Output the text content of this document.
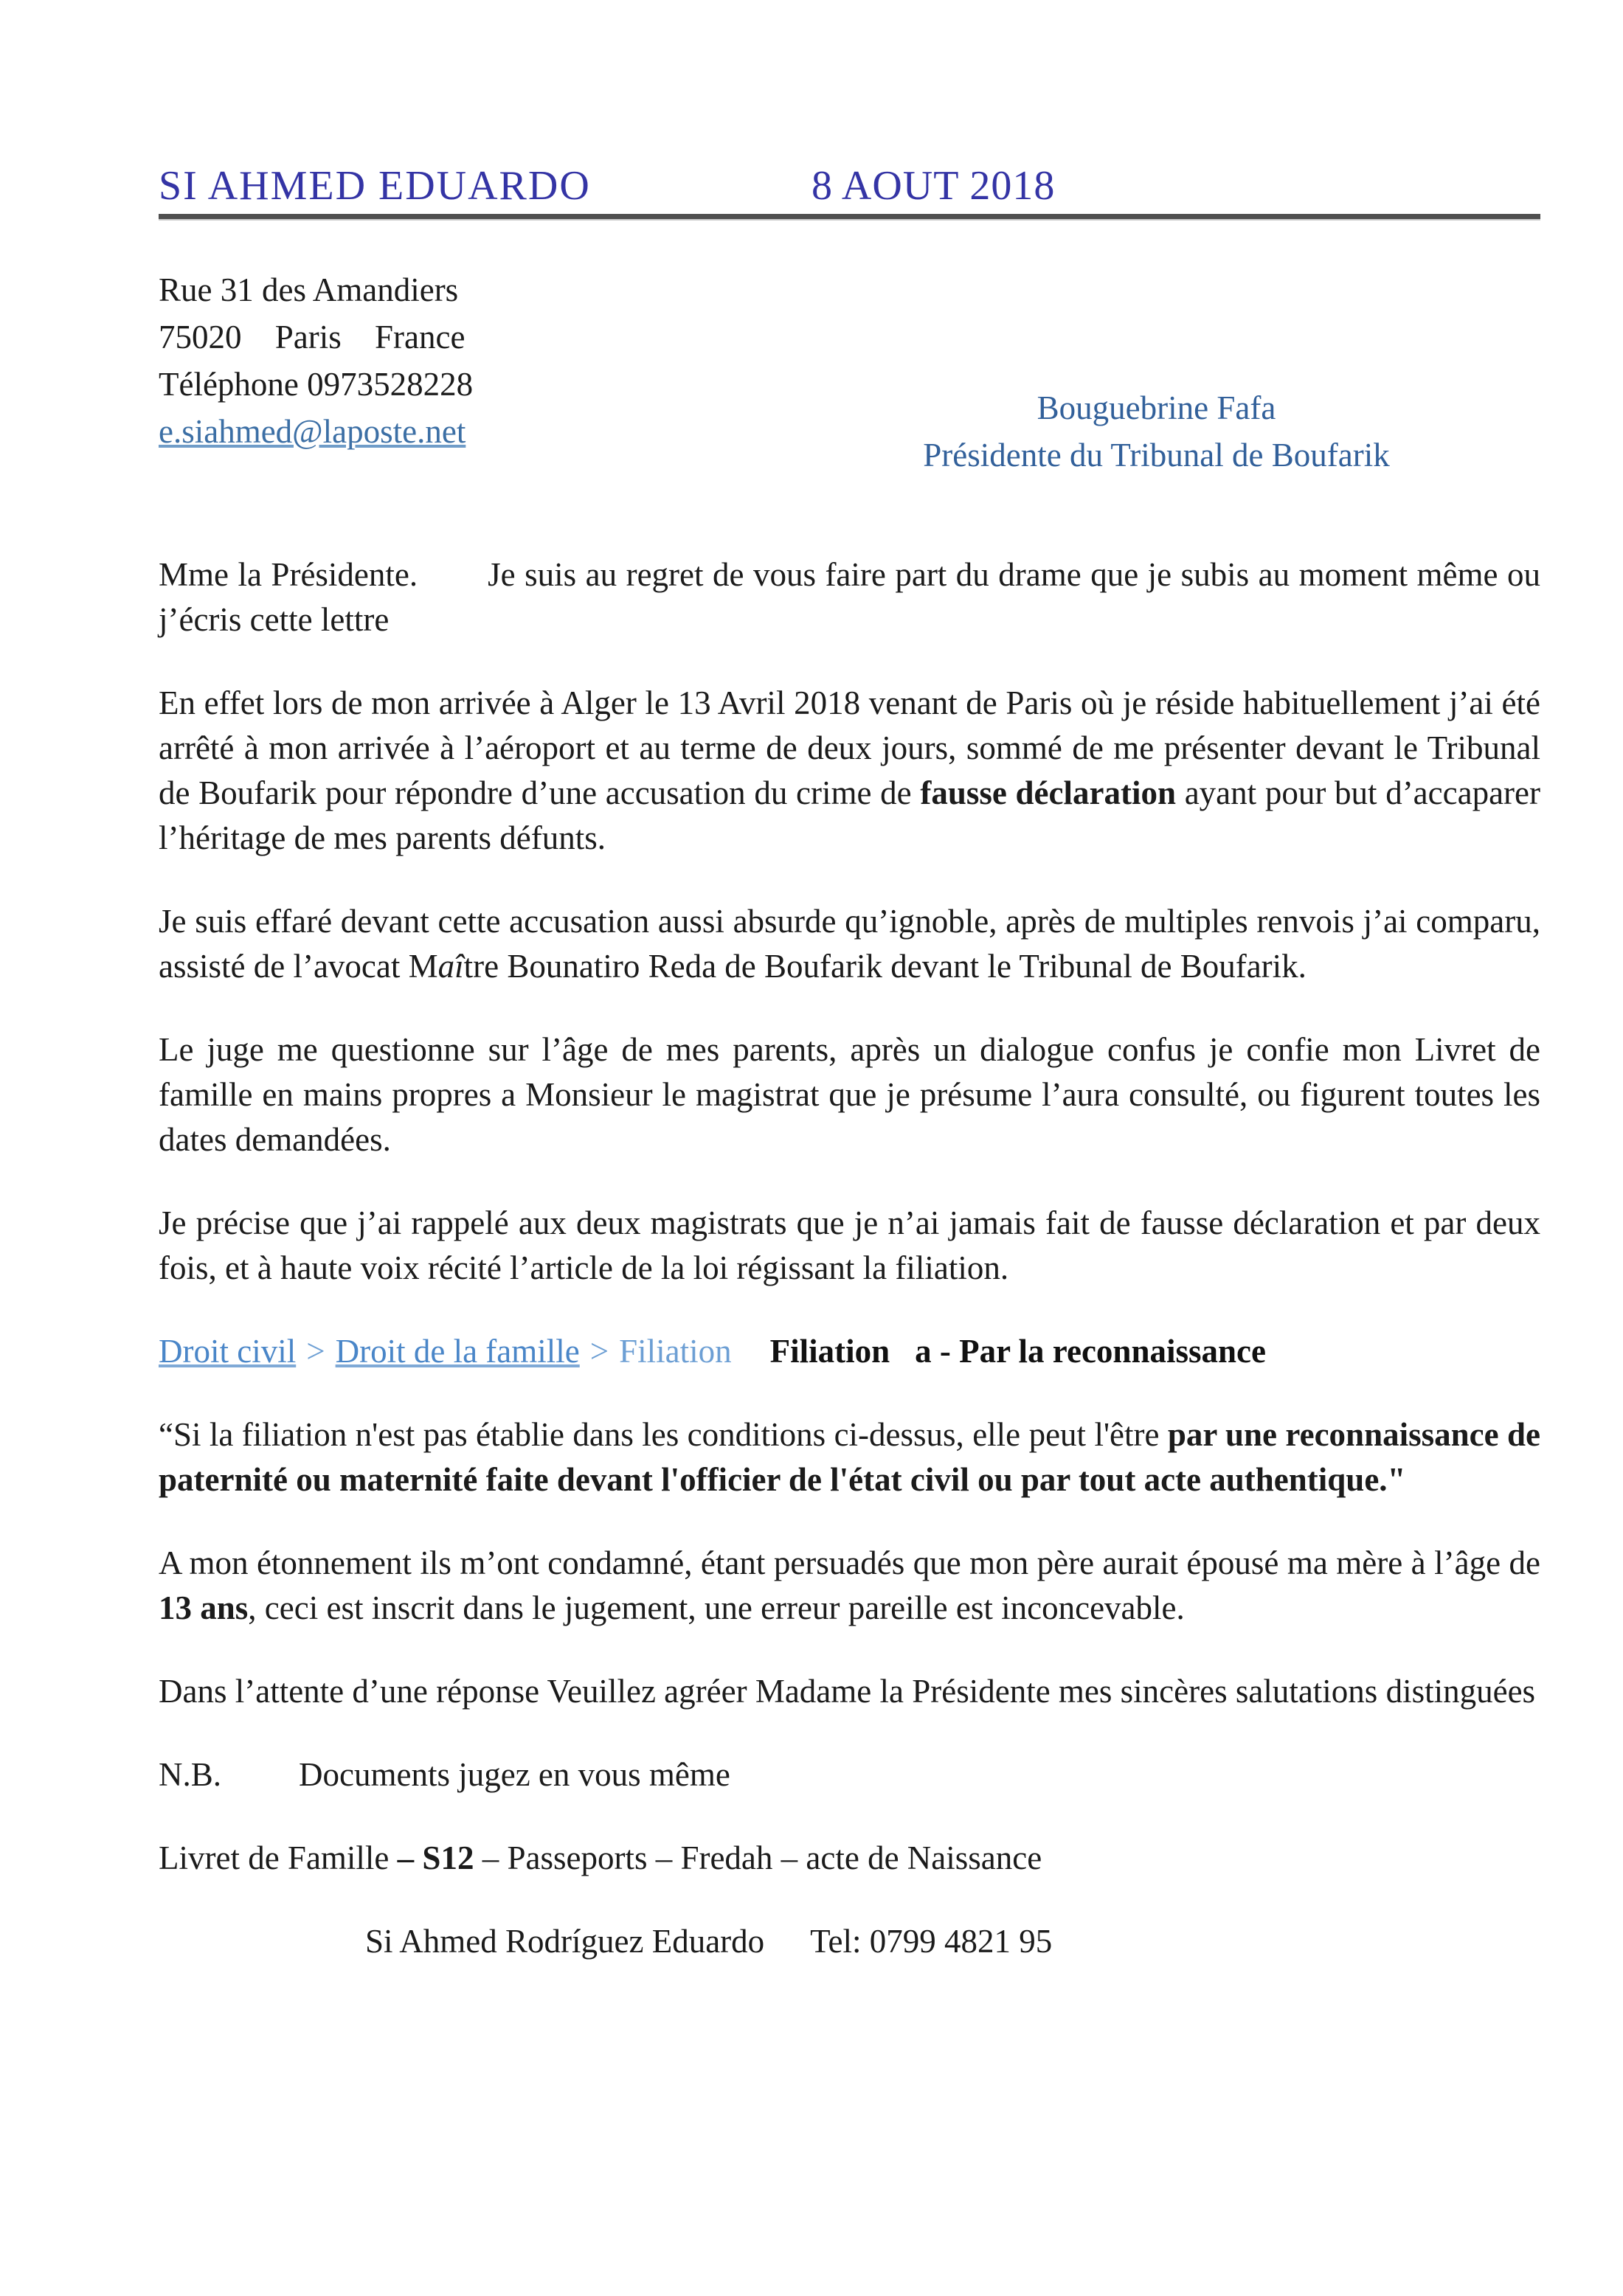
SI AHMED EDUARDO	8 AOUT 2018
Rue 31 des Amandiers
75020 Paris France
Téléphone 0973528228
e.siahmed@laposte.net
Bouguebrine Fafa
Présidente du Tribunal de Boufarik

Mme la Présidente. Je suis au regret de vous faire part du drame que je subis au moment même ou j’écris cette lettre

En effet lors de mon arrivée à Alger le 13 Avril 2018 venant de Paris où je réside habituellement j’ai été arrêté à mon arrivée à l’aéroport et au terme de deux jours, sommé de me présenter devant le Tribunal de Boufarik pour répondre d’une accusation du crime de fausse déclaration ayant pour but d’accaparer l’héritage de mes parents défunts.

Je suis effaré devant cette accusation aussi absurde qu’ignoble, après de multiples renvois j’ai comparu, assisté de l’avocat Maître Bounatiro Reda de Boufarik devant le Tribunal de Boufarik.

Le juge me questionne sur l’âge de mes parents, après un dialogue confus je confie mon Livret de famille en mains propres a Monsieur le magistrat que je présume l’aura consulté, ou figurent toutes les dates demandées.

Je précise que j’ai rappelé aux deux magistrats que je n’ai jamais fait de fausse déclaration et par deux fois, et à haute voix récité l’article de la loi régissant la filiation.

Droit civil > Droit de la famille > Filiation Filiation a - Par la reconnaissance

“Si la filiation n'est pas établie dans les conditions ci-dessus, elle peut l'être par une reconnaissance de paternité ou maternité faite devant l'officier de l'état civil ou par tout acte authentique."

A mon étonnement ils m’ont condamné, étant persuadés que mon père aurait épousé ma mère à l’âge de 13 ans, ceci est inscrit dans le jugement, une erreur pareille est inconcevable.

Dans l’attente d’une réponse Veuillez agréer Madame la Présidente mes sincères salutations distinguées

N.B. Documents jugez en vous même

Livret de Famille – S12 – Passeports – Fredah – acte de Naissance

Si Ahmed Rodríguez Eduardo Tel: 0799 4821 95
